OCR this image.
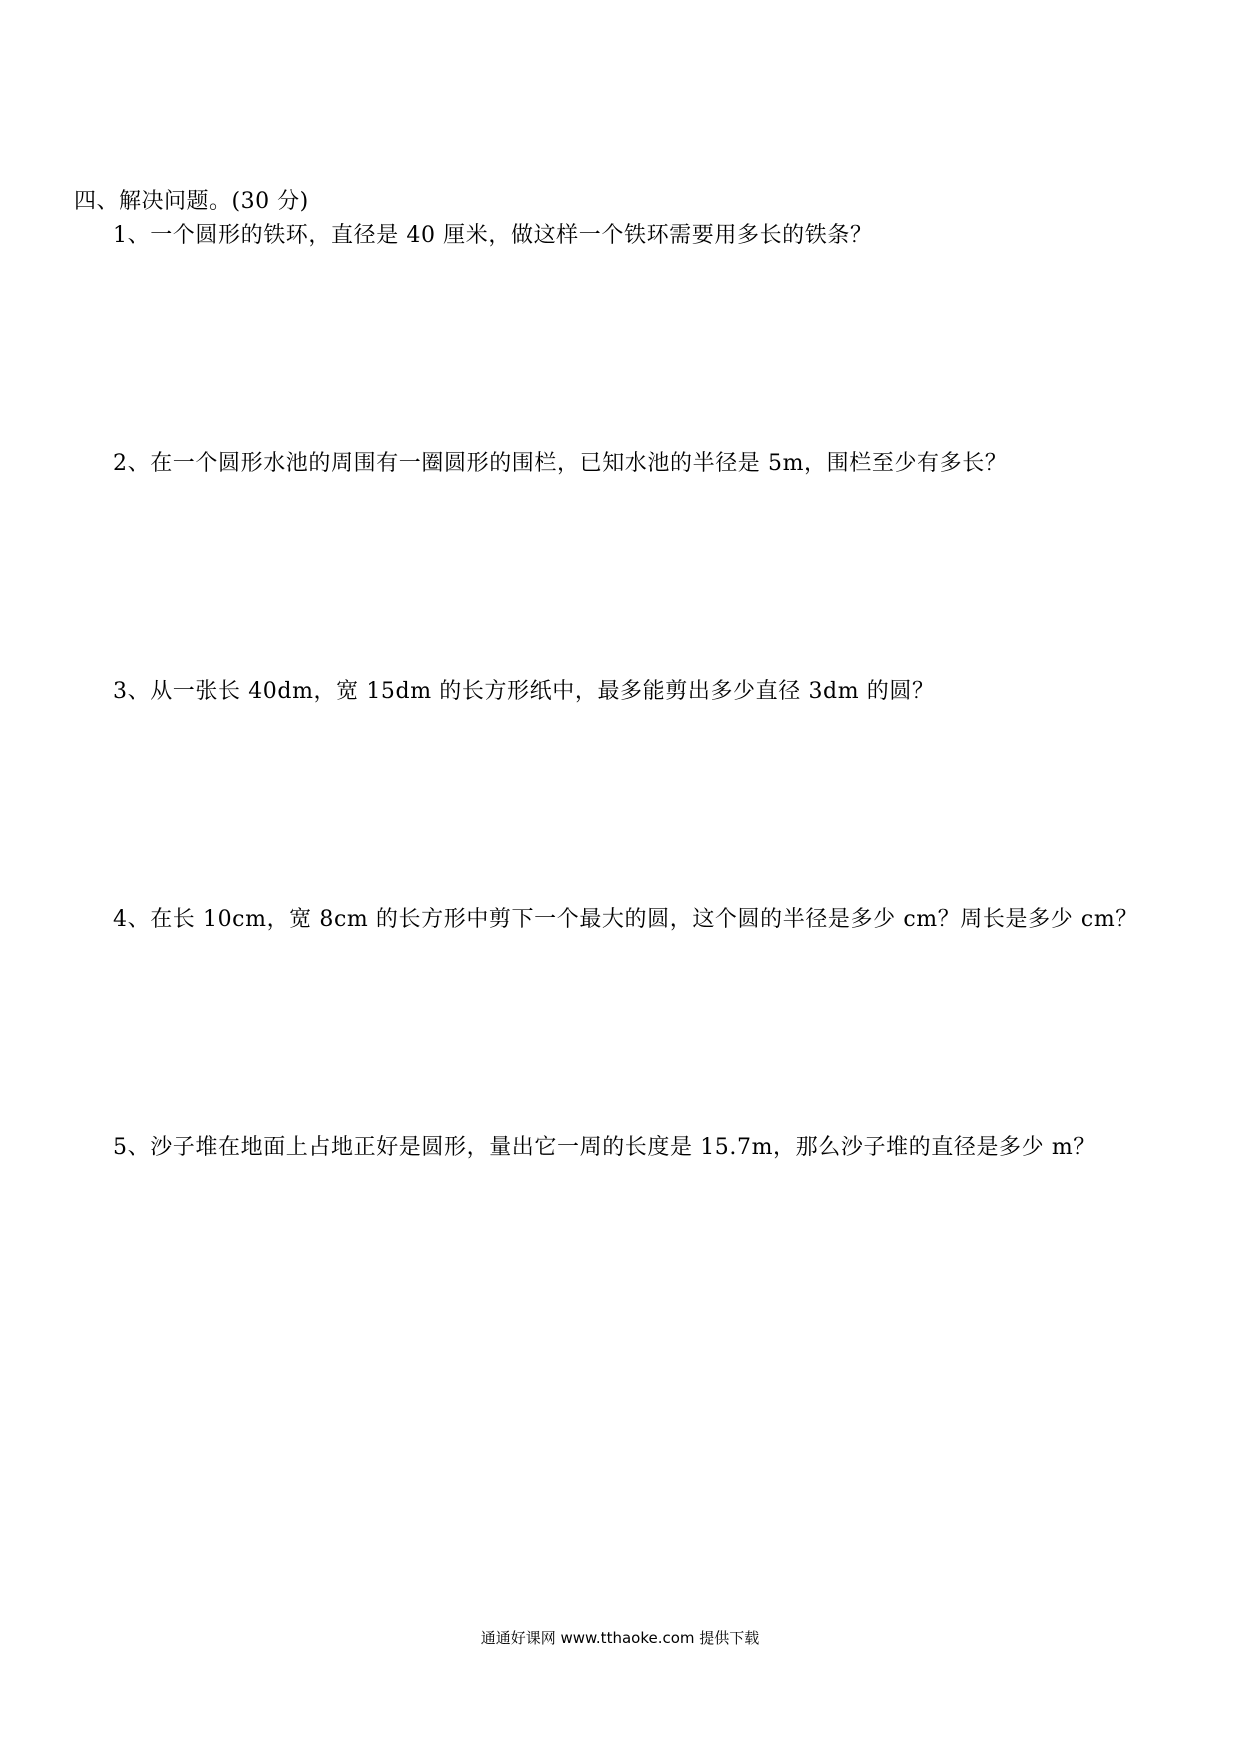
四、解决问题。(30 分)
1、一个圆形的铁环，直径是 40 厘米，做这样一个铁环需要用多长的铁条？
2、在一个圆形水池的周围有一圈圆形的围栏，已知水池的半径是 5m，围栏至少有多长？
3、从一张长 40dm，宽 15dm 的长方形纸中，最多能剪出多少直径 3dm 的圆？
4、在长 10cm，宽 8cm 的长方形中剪下一个最大的圆，这个圆的半径是多少 cm？周长是多少 cm？
5、沙子堆在地面上占地正好是圆形，量出它一周的长度是 15.7m，那么沙子堆的直径是多少 m？
通通好课网 www.tthaoke.com 提供下载
